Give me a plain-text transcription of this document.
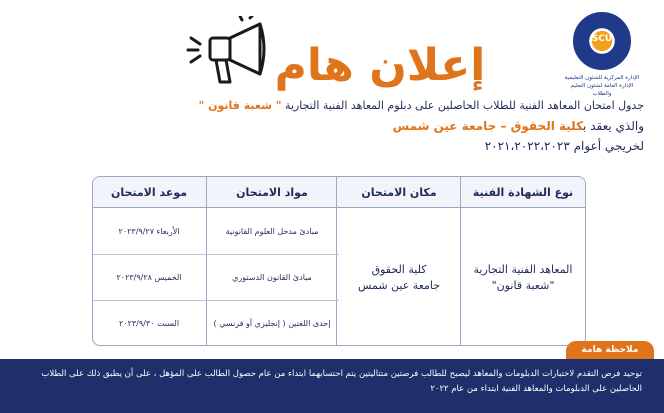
SCU
الإدارة المركزية للشئون التعليمية
الإدارة العامة لشئون التعليم والطلاب
إعلان هام
جدول امتحان المعاهد الفنية للطلاب الحاصلين على دبلوم المعاهد الفنية التجارية " شعبة قانون "
والذي يعقد بكلية الحقوق – جامعة عين شمس
لخريجي أعوام ٢٠٢١،٢٠٢٢،٢٠٢٣
نوع الشهادة الفنية
مكان الامتحان
مواد الامتحان
موعد الامتحان
المعاهد الفنية التجارية "شعبة قانون"
كلية الحقوق
جامعة عين شمس
مبادئ مدخل العلوم القانونية
الأربعاء ٢٠٢٣/٩/٢٧
مبادئ القانون الدستوري
الخميس ٢٠٢٣/٩/٢٨
إحدى اللغتين ( إنجليزي أو فرنسي )
السبت ٢٠٢٣/٩/٣٠
ملاحظة هامة
توحيد فرص التقدم لاختبارات الدبلومات والمعاهد ليصبح للطالب فرصتين متتاليتين يتم احتسابهما ابتداء من عام حصول الطالب على المؤهل ، على أن يطبق ذلك على الطلاب الحاصلين على الدبلومات والمعاهد الفنية ابتداء من عام ٢٠٢٢
